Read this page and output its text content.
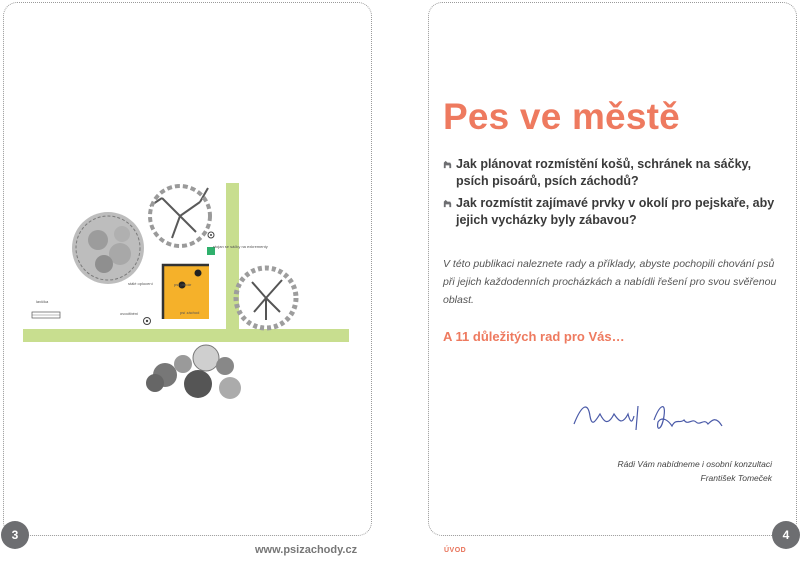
lavička
stojan se sáčky na exkrementy
stálé oplocení
ovocitbéni
psí pisoár
psí záchod
3
www.psizachody.cz
Pes ve městě
Jak plánovat rozmístění košů, schránek na sáčky, psích pisoárů, psích záchodů?
Jak rozmístit zajímavé prvky v okolí pro pejskaře, aby jejich vycházky byly zábavou?

V této publikaci naleznete rady a příklady, abyste pochopili chování psů při jejich každodenních procházkách a nabídli řešení pro svou svěřenou oblast.

A 11 důležitých rad pro Vás…
Rádi Vám nabídneme i osobní konzultaci
František Tomeček
4
ÚVOD
